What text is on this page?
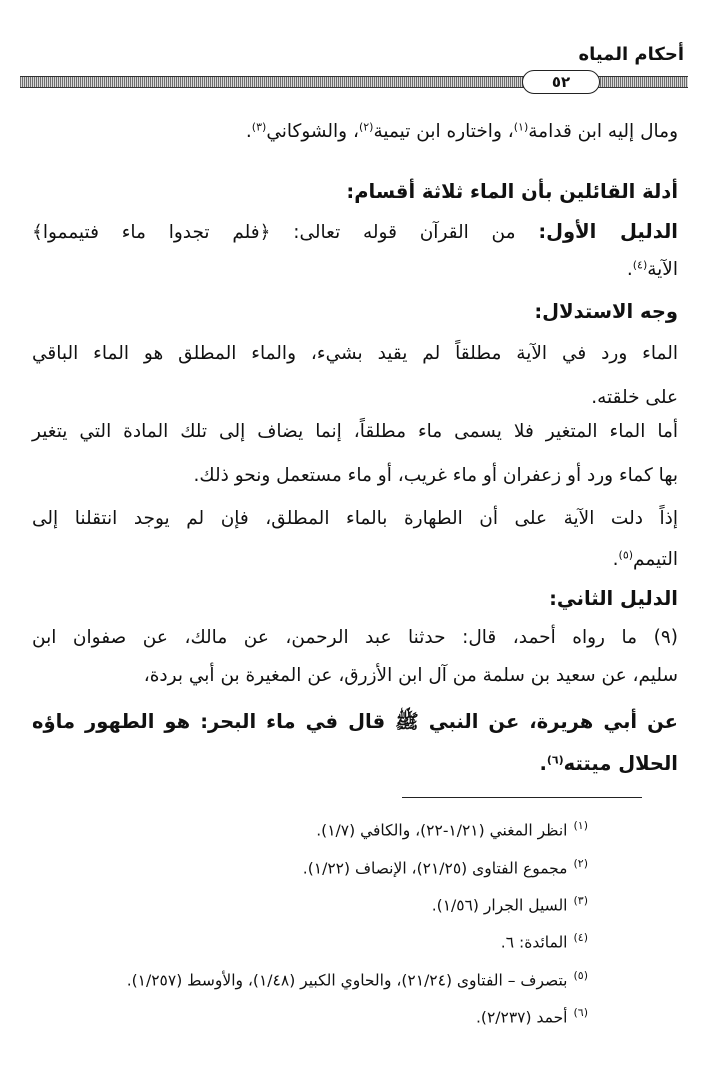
أحكام المياه
٥٢
ومال إليه ابن قدامة$^{(١)}$، واختاره ابن تيمية$^{(٢)}$، والشوكاني$^{(٣)}$.
أدلة القائلين بأن الماء ثلاثة أقسام:
الدليل الأول: من القرآن قوله تعالى: ﴿فلم تجدوا ماء فتيمموا﴾
الآية$^{(٤)}$.
وجه الاستدلال:
الماء ورد في الآية مطلقاً لم يقيد بشيء، والماء المطلق هو الماء الباقي
على خلقته.
أما الماء المتغير فلا يسمى ماء مطلقاً، إنما يضاف إلى تلك المادة التي يتغير
بها كماء ورد أو زعفران أو ماء غريب، أو ماء مستعمل ونحو ذلك.
إذاً دلت الآية على أن الطهارة بالماء المطلق، فإن لم يوجد انتقلنا إلى
التيمم$^{(٥)}$.
الدليل الثاني:
(٩) ما رواه أحمد، قال: حدثنا عبد الرحمن، عن مالك، عن صفوان ابن
سليم، عن سعيد بن سلمة من آل ابن الأزرق، عن المغيرة بن أبي بردة،
عن أبي هريرة، عن النبي ﷺ قال في ماء البحر: هو الطهور ماؤه
الحلال ميتته$^{(٦)}$.
$^{(١)}$انظر المغني (١/٢١-٢٢)، والكافي (١/٧).
$^{(٢)}$مجموع الفتاوى (٢١/٢٥)، الإنصاف (١/٢٢).
$^{(٣)}$السيل الجرار (١/٥٦).
$^{(٤)}$المائدة: ٦.
$^{(٥)}$بتصرف – الفتاوى (٢١/٢٤)، والحاوي الكبير (١/٤٨)، والأوسط (١/٢٥٧).
$^{(٦)}$أحمد (٢/٢٣٧).
